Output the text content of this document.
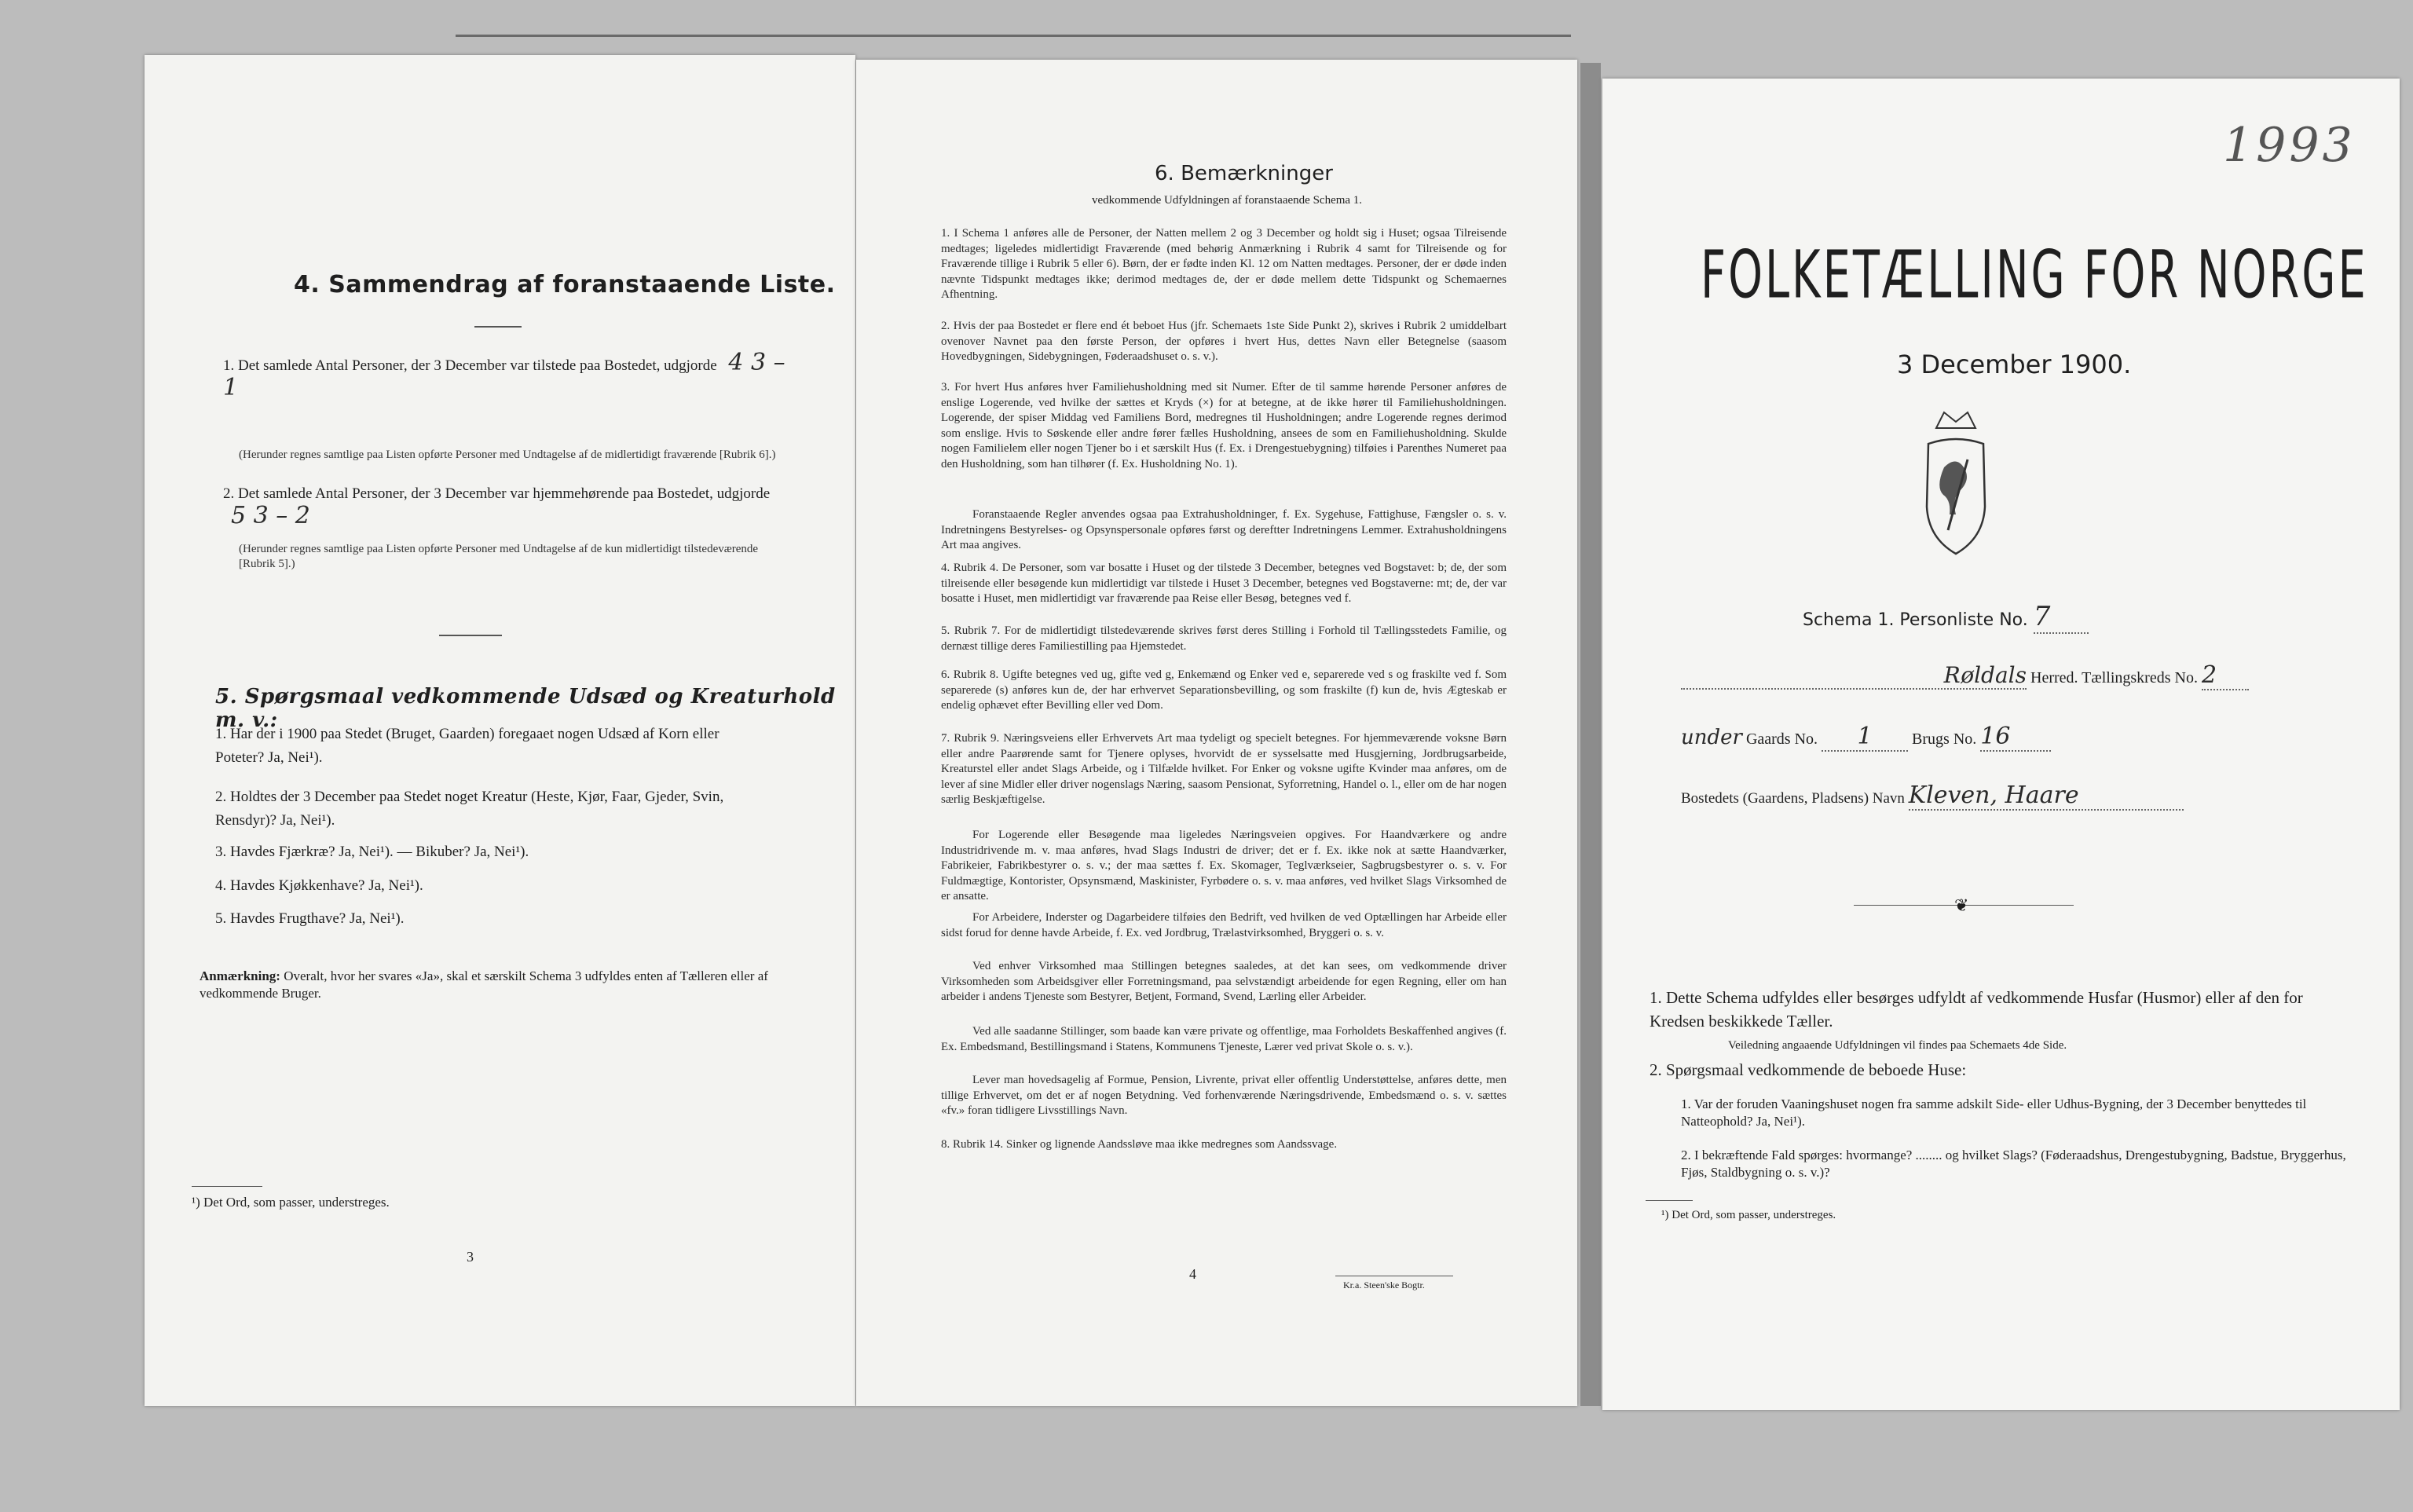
4. Sammendrag af foranstaaende Liste.
1. Det samlede Antal Personer, der 3 December var tilstede paa Bostedet, udgjorde 4 3 – 1
(Herunder regnes samtlige paa Listen opførte Personer med Undtagelse af de midlertidigt fraværende [Rubrik 6].)
2. Det samlede Antal Personer, der 3 December var hjemmehørende paa Bostedet, udgjorde 5 3 – 2
(Herunder regnes samtlige paa Listen opførte Personer med Undtagelse af de kun midlertidigt tilstedeværende [Rubrik 5].)
5. Spørgsmaal vedkommende Udsæd og Kreaturhold m. v.:
1. Har der i 1900 paa Stedet (Bruget, Gaarden) foregaaet nogen Udsæd af Korn eller Poteter? Ja, Nei¹).
2. Holdtes der 3 December paa Stedet noget Kreatur (Heste, Kjør, Faar, Gjeder, Svin, Rensdyr)? Ja, Nei¹).
3. Havdes Fjærkræ? Ja, Nei¹). — Bikuber? Ja, Nei¹).
4. Havdes Kjøkkenhave? Ja, Nei¹).
5. Havdes Frugthave? Ja, Nei¹).
Anmærkning: Overalt, hvor her svares «Ja», skal et særskilt Schema 3 udfyldes enten af Tælleren eller af vedkommende Bruger.
¹) Det Ord, som passer, understreges.
3
6. Bemærkninger
vedkommende Udfyldningen af foranstaaende Schema 1.
1. I Schema 1 anføres alle de Personer, der Natten mellem 2 og 3 December og holdt sig i Huset; ogsaa Tilreisende medtages; ligeledes midlertidigt Fraværende (med behørig Anmærkning i Rubrik 4 samt for Tilreisende og for Fraværende tillige i Rubrik 5 eller 6). Børn, der er fødte inden Kl. 12 om Natten medtages. Personer, der er døde inden nævnte Tidspunkt medtages ikke; derimod medtages de, der er døde mellem dette Tidspunkt og Schemaernes Afhentning.
2. Hvis der paa Bostedet er flere end ét beboet Hus (jfr. Schemaets 1ste Side Punkt 2), skrives i Rubrik 2 umiddelbart ovenover Navnet paa den første Person, der opføres i hvert Hus, dettes Navn eller Betegnelse (saasom Hovedbygningen, Sidebygningen, Føderaadshuset o. s. v.).
3. For hvert Hus anføres hver Familiehusholdning med sit Numer. Efter de til samme hørende Personer anføres de enslige Logerende, ved hvilke der sættes et Kryds (×) for at betegne, at de ikke hører til Familiehusholdningen. Logerende, der spiser Middag ved Familiens Bord, medregnes til Husholdningen; andre Logerende regnes derimod som enslige. Hvis to Søskende eller andre fører fælles Husholdning, ansees de som en Familiehusholdning. Skulde nogen Familielem eller nogen Tjener bo i et særskilt Hus (f. Ex. i Drengestuebygning) tilføies i Parenthes Numeret paa den Husholdning, som han tilhører (f. Ex. Husholdning No. 1).
Foranstaaende Regler anvendes ogsaa paa Extrahusholdninger, f. Ex. Sygehuse, Fattighuse, Fængsler o. s. v. Indretningens Bestyrelses- og Opsynspersonale opføres først og dereftter Indretningens Lemmer. Extrahusholdningens Art maa angives.
4. Rubrik 4. De Personer, som var bosatte i Huset og der tilstede 3 December, betegnes ved Bogstavet: b; de, der som tilreisende eller besøgende kun midlertidigt var tilstede i Huset 3 December, betegnes ved Bogstaverne: mt; de, der var bosatte i Huset, men midlertidigt var fraværende paa Reise eller Besøg, betegnes ved f.
5. Rubrik 7. For de midlertidigt tilstedeværende skrives først deres Stilling i Forhold til Tællingsstedets Familie, og dernæst tillige deres Familiestilling paa Hjemstedet.
6. Rubrik 8. Ugifte betegnes ved ug, gifte ved g, Enkemænd og Enker ved e, separerede ved s og fraskilte ved f. Som separerede (s) anføres kun de, der har erhvervet Separationsbevilling, og som fraskilte (f) kun de, hvis Ægteskab er endelig ophævet efter Bevilling eller ved Dom.
7. Rubrik 9. Næringsveiens eller Erhvervets Art maa tydeligt og specielt betegnes. For hjemmeværende voksne Børn eller andre Paarørende samt for Tjenere oplyses, hvorvidt de er sysselsatte med Husgjerning, Jordbrugsarbeide, Kreaturstel eller andet Slags Arbeide, og i Tilfælde hvilket. For Enker og voksne ugifte Kvinder maa anføres, om de lever af sine Midler eller driver nogenslags Næring, saasom Pensionat, Syforretning, Handel o. l., eller om de har nogen særlig Beskjæftigelse.
For Logerende eller Besøgende maa ligeledes Næringsveien opgives. For Haandværkere og andre Industridrivende m. v. maa anføres, hvad Slags Industri de driver; det er f. Ex. ikke nok at sætte Haandværker, Fabrikeier, Fabrikbestyrer o. s. v.; der maa sættes f. Ex. Skomager, Teglværkseier, Sagbrugsbestyrer o. s. v. For Fuldmægtige, Kontorister, Opsynsmænd, Maskinister, Fyrbødere o. s. v. maa anføres, ved hvilket Slags Virksomhed de er ansatte.
For Arbeidere, Inderster og Dagarbeidere tilføies den Bedrift, ved hvilken de ved Optællingen har Arbeide eller sidst forud for denne havde Arbeide, f. Ex. ved Jordbrug, Trælastvirksomhed, Bryggeri o. s. v.
Ved enhver Virksomhed maa Stillingen betegnes saaledes, at det kan sees, om vedkommende driver Virksomheden som Arbeidsgiver eller Forretningsmand, paa selvstændigt arbeidende for egen Regning, eller om han arbeider i andens Tjeneste som Bestyrer, Betjent, Formand, Svend, Lærling eller Arbeider.
Ved alle saadanne Stillinger, som baade kan være private og offentlige, maa Forholdets Beskaffenhed angives (f. Ex. Embedsmand, Bestillingsmand i Statens, Kommunens Tjeneste, Lærer ved privat Skole o. s. v.).
Lever man hovedsagelig af Formue, Pension, Livrente, privat eller offentlig Understøttelse, anføres dette, men tillige Erhvervet, om det er af nogen Betydning. Ved forhenværende Næringsdrivende, Embedsmænd o. s. v. sættes «fv.» foran tidligere Livsstillings Navn.
8. Rubrik 14. Sinker og lignende Aandssløve maa ikke medregnes som Aandssvage.
4
Kr.a. Steen'ske Bogtr.
1993
FOLKETÆLLING FOR NORGE
3 December 1900.
Schema 1. Personliste No. 7
Røldals Herred. Tællingskreds No. 2
under Gaards No. 1	Brugs No. 16
Bostedets (Gaardens, Pladsens) Navn Kleven, Haare
❦
1. Dette Schema udfyldes eller besørges udfyldt af vedkommende Husfar (Husmor) eller af den for Kredsen beskikkede Tæller.
Veiledning angaaende Udfyldningen vil findes paa Schemaets 4de Side.
2. Spørgsmaal vedkommende de beboede Huse:
1. Var der foruden Vaaningshuset nogen fra samme adskilt Side- eller Udhus-Bygning, der 3 December benyttedes til Natteophold? Ja, Nei¹).
2. I bekræftende Fald spørges: hvormange? ........ og hvilket Slags? (Føderaadshus, Drengestubygning, Badstue, Bryggerhus, Fjøs, Staldbygning o. s. v.)?
¹) Det Ord, som passer, understreges.
